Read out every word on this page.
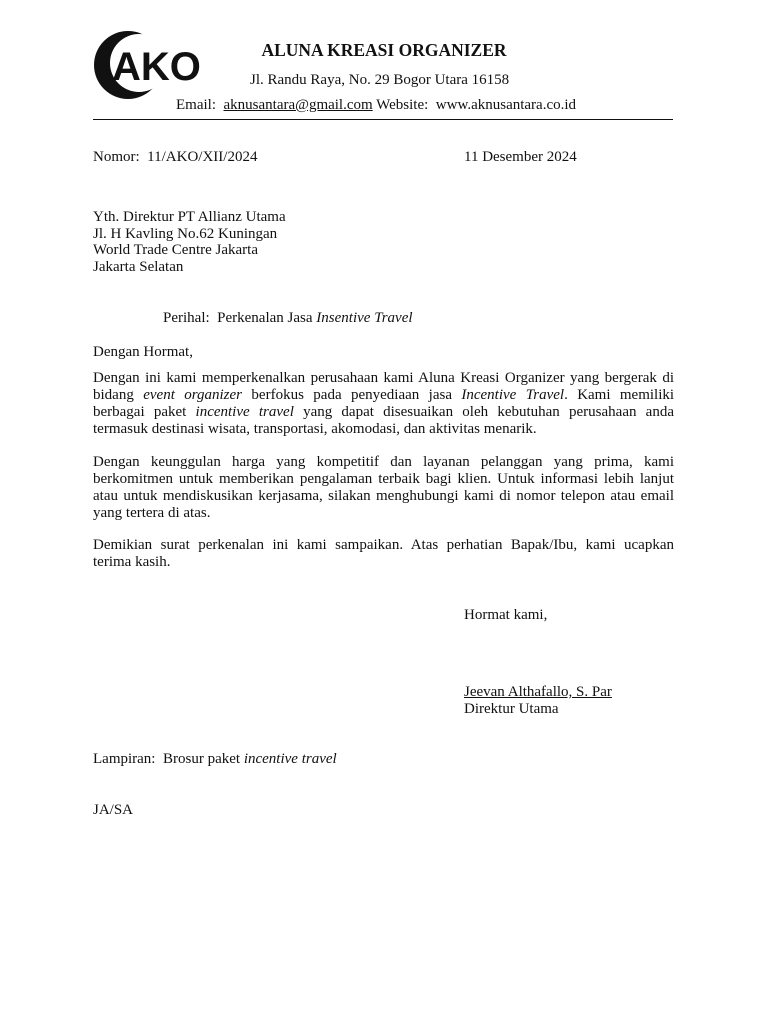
AKO	ALUNA KREASI ORGANIZER
Jl. Randu Raya, No. 29 Bogor Utara 16158
Email: aknusantara@gmail.com Website: www.aknusantara.co.id
Nomor: 11/AKO/XII/2024	11 Desember 2024
Yth. Direktur PT Allianz Utama
Jl. H Kavling No.62 Kuningan
World Trade Centre Jakarta
Jakarta Selatan
Perihal: Perkenalan Jasa Insentive Travel
Dengan Hormat,
Dengan ini kami memperkenalkan perusahaan kami Aluna Kreasi Organizer yang bergerak di
bidang event organizer berfokus pada penyediaan jasa Incentive Travel. Kami memiliki
berbagai paket incentive travel yang dapat disesuaikan oleh kebutuhan perusahaan anda
termasuk destinasi wisata, transportasi, akomodasi, dan aktivitas menarik.
Dengan keunggulan harga yang kompetitif dan layanan pelanggan yang prima, kami
berkomitmen untuk memberikan pengalaman terbaik bagi klien. Untuk informasi lebih lanjut
atau untuk mendiskusikan kerjasama, silakan menghubungi kami di nomor telepon atau email
yang tertera di atas.
Demikian surat perkenalan ini kami sampaikan. Atas perhatian Bapak/Ibu, kami ucapkan
terima kasih.
Hormat kami,
Jeevan Althafallo, S. Par
Direktur Utama
Lampiran: Brosur paket incentive travel
JA/SA
